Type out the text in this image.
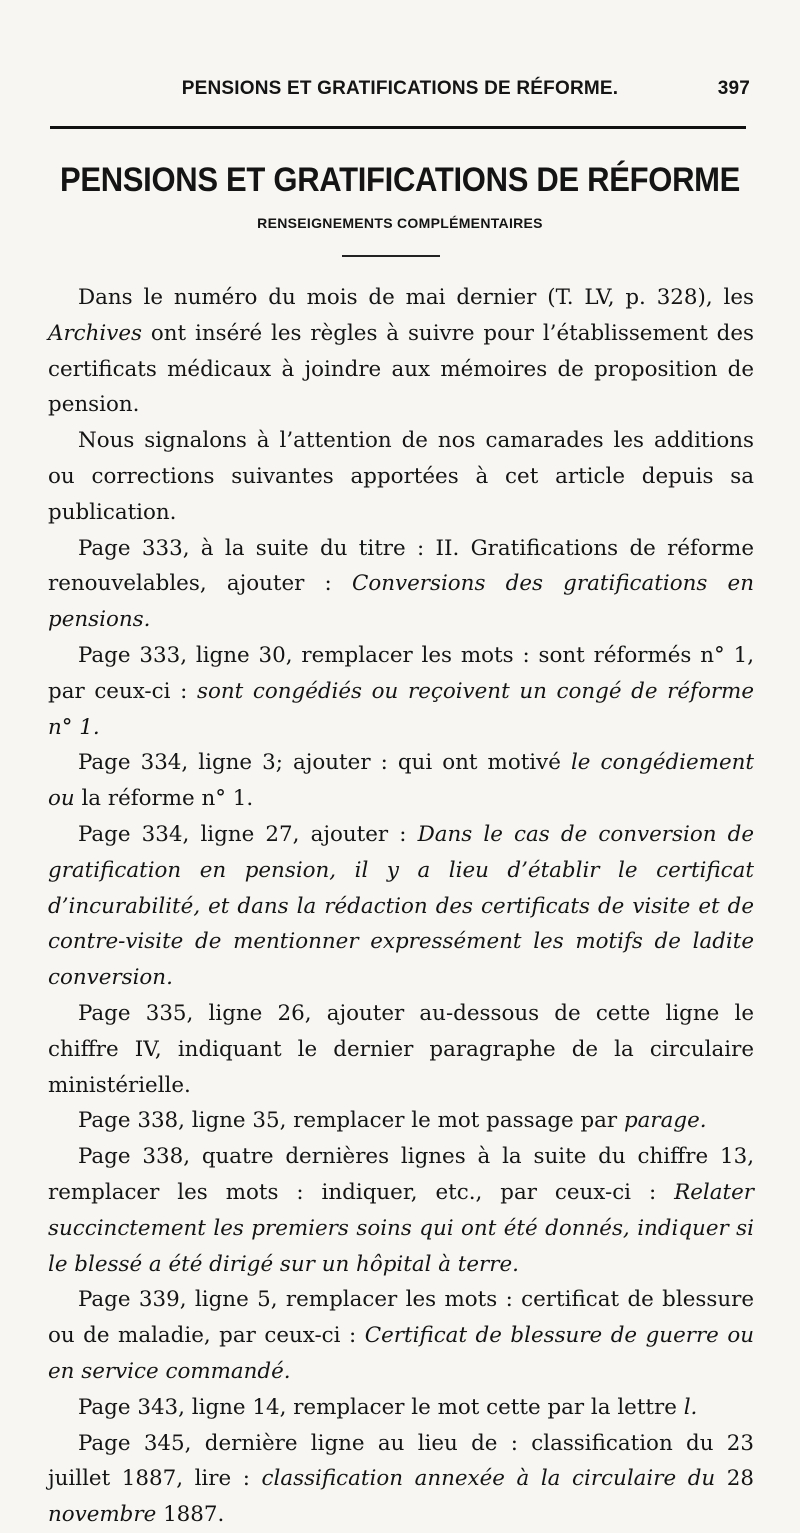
PENSIONS ET GRATIFICATIONS DE RÉFORME.	397
PENSIONS ET GRATIFICATIONS DE RÉFORME
RENSEIGNEMENTS COMPLÉMENTAIRES

Dans le numéro du mois de mai dernier (T. LV, p. 328), les Archives ont inséré les règles à suivre pour l’établissement des certificats médicaux à joindre aux mémoires de proposition de pension.

Nous signalons à l’attention de nos camarades les additions ou corrections suivantes apportées à cet article depuis sa publication.

Page 333, à la suite du titre : II. Gratifications de réforme renouvelables, ajouter : Conversions des gratifications en pensions.

Page 333, ligne 30, remplacer les mots : sont réformés n° 1, par ceux-ci : sont congédiés ou reçoivent un congé de réforme n° 1.

Page 334, ligne 3; ajouter : qui ont motivé le congédiement ou la réforme n° 1.

Page 334, ligne 27, ajouter : Dans le cas de conversion de gratification en pension, il y a lieu d’établir le certificat d’incurabilité, et dans la rédaction des certificats de visite et de contre-visite de mentionner expressément les motifs de ladite conversion.

Page 335, ligne 26, ajouter au-dessous de cette ligne le chiffre IV, indiquant le dernier paragraphe de la circulaire ministérielle.

Page 338, ligne 35, remplacer le mot passage par parage.

Page 338, quatre dernières lignes à la suite du chiffre 13, remplacer les mots : indiquer, etc., par ceux-ci : Relater succinctement les premiers soins qui ont été donnés, indiquer si le blessé a été dirigé sur un hôpital à terre.

Page 339, ligne 5, remplacer les mots : certificat de blessure ou de maladie, par ceux-ci : Certificat de blessure de guerre ou en service commandé.

Page 343, ligne 14, remplacer le mot cette par la lettre l.

Page 345, dernière ligne au lieu de : classification du 23 juillet 1887, lire : classification annexée à la circulaire du 28 novembre 1887.
